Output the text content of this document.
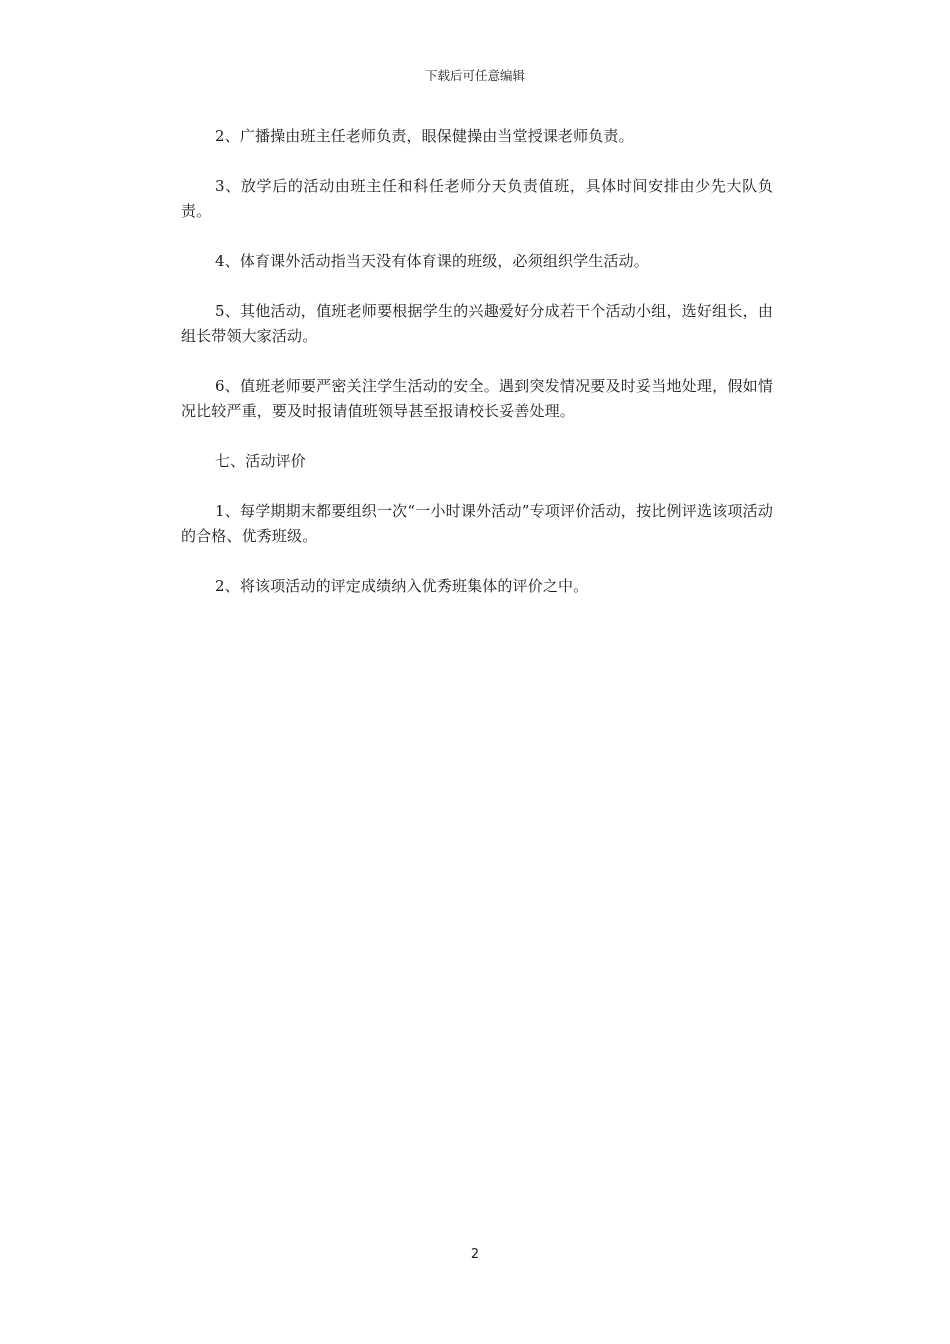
下载后可任意编辑

2、广播操由班主任老师负责，眼保健操由当堂授课老师负责。

3、放学后的活动由班主任和科任老师分天负责值班，具体时间安排由少先大队负责。

4、体育课外活动指当天没有体育课的班级，必须组织学生活动。

5、其他活动，值班老师要根据学生的兴趣爱好分成若干个活动小组，选好组长，由组长带领大家活动。

6、值班老师要严密关注学生活动的安全。遇到突发情况要及时妥当地处理，假如情况比较严重，要及时报请值班领导甚至报请校长妥善处理。

七、活动评价

1、每学期期末都要组织一次“一小时课外活动”专项评价活动，按比例评选该项活动的合格、优秀班级。

2、将该项活动的评定成绩纳入优秀班集体的评价之中。

2
